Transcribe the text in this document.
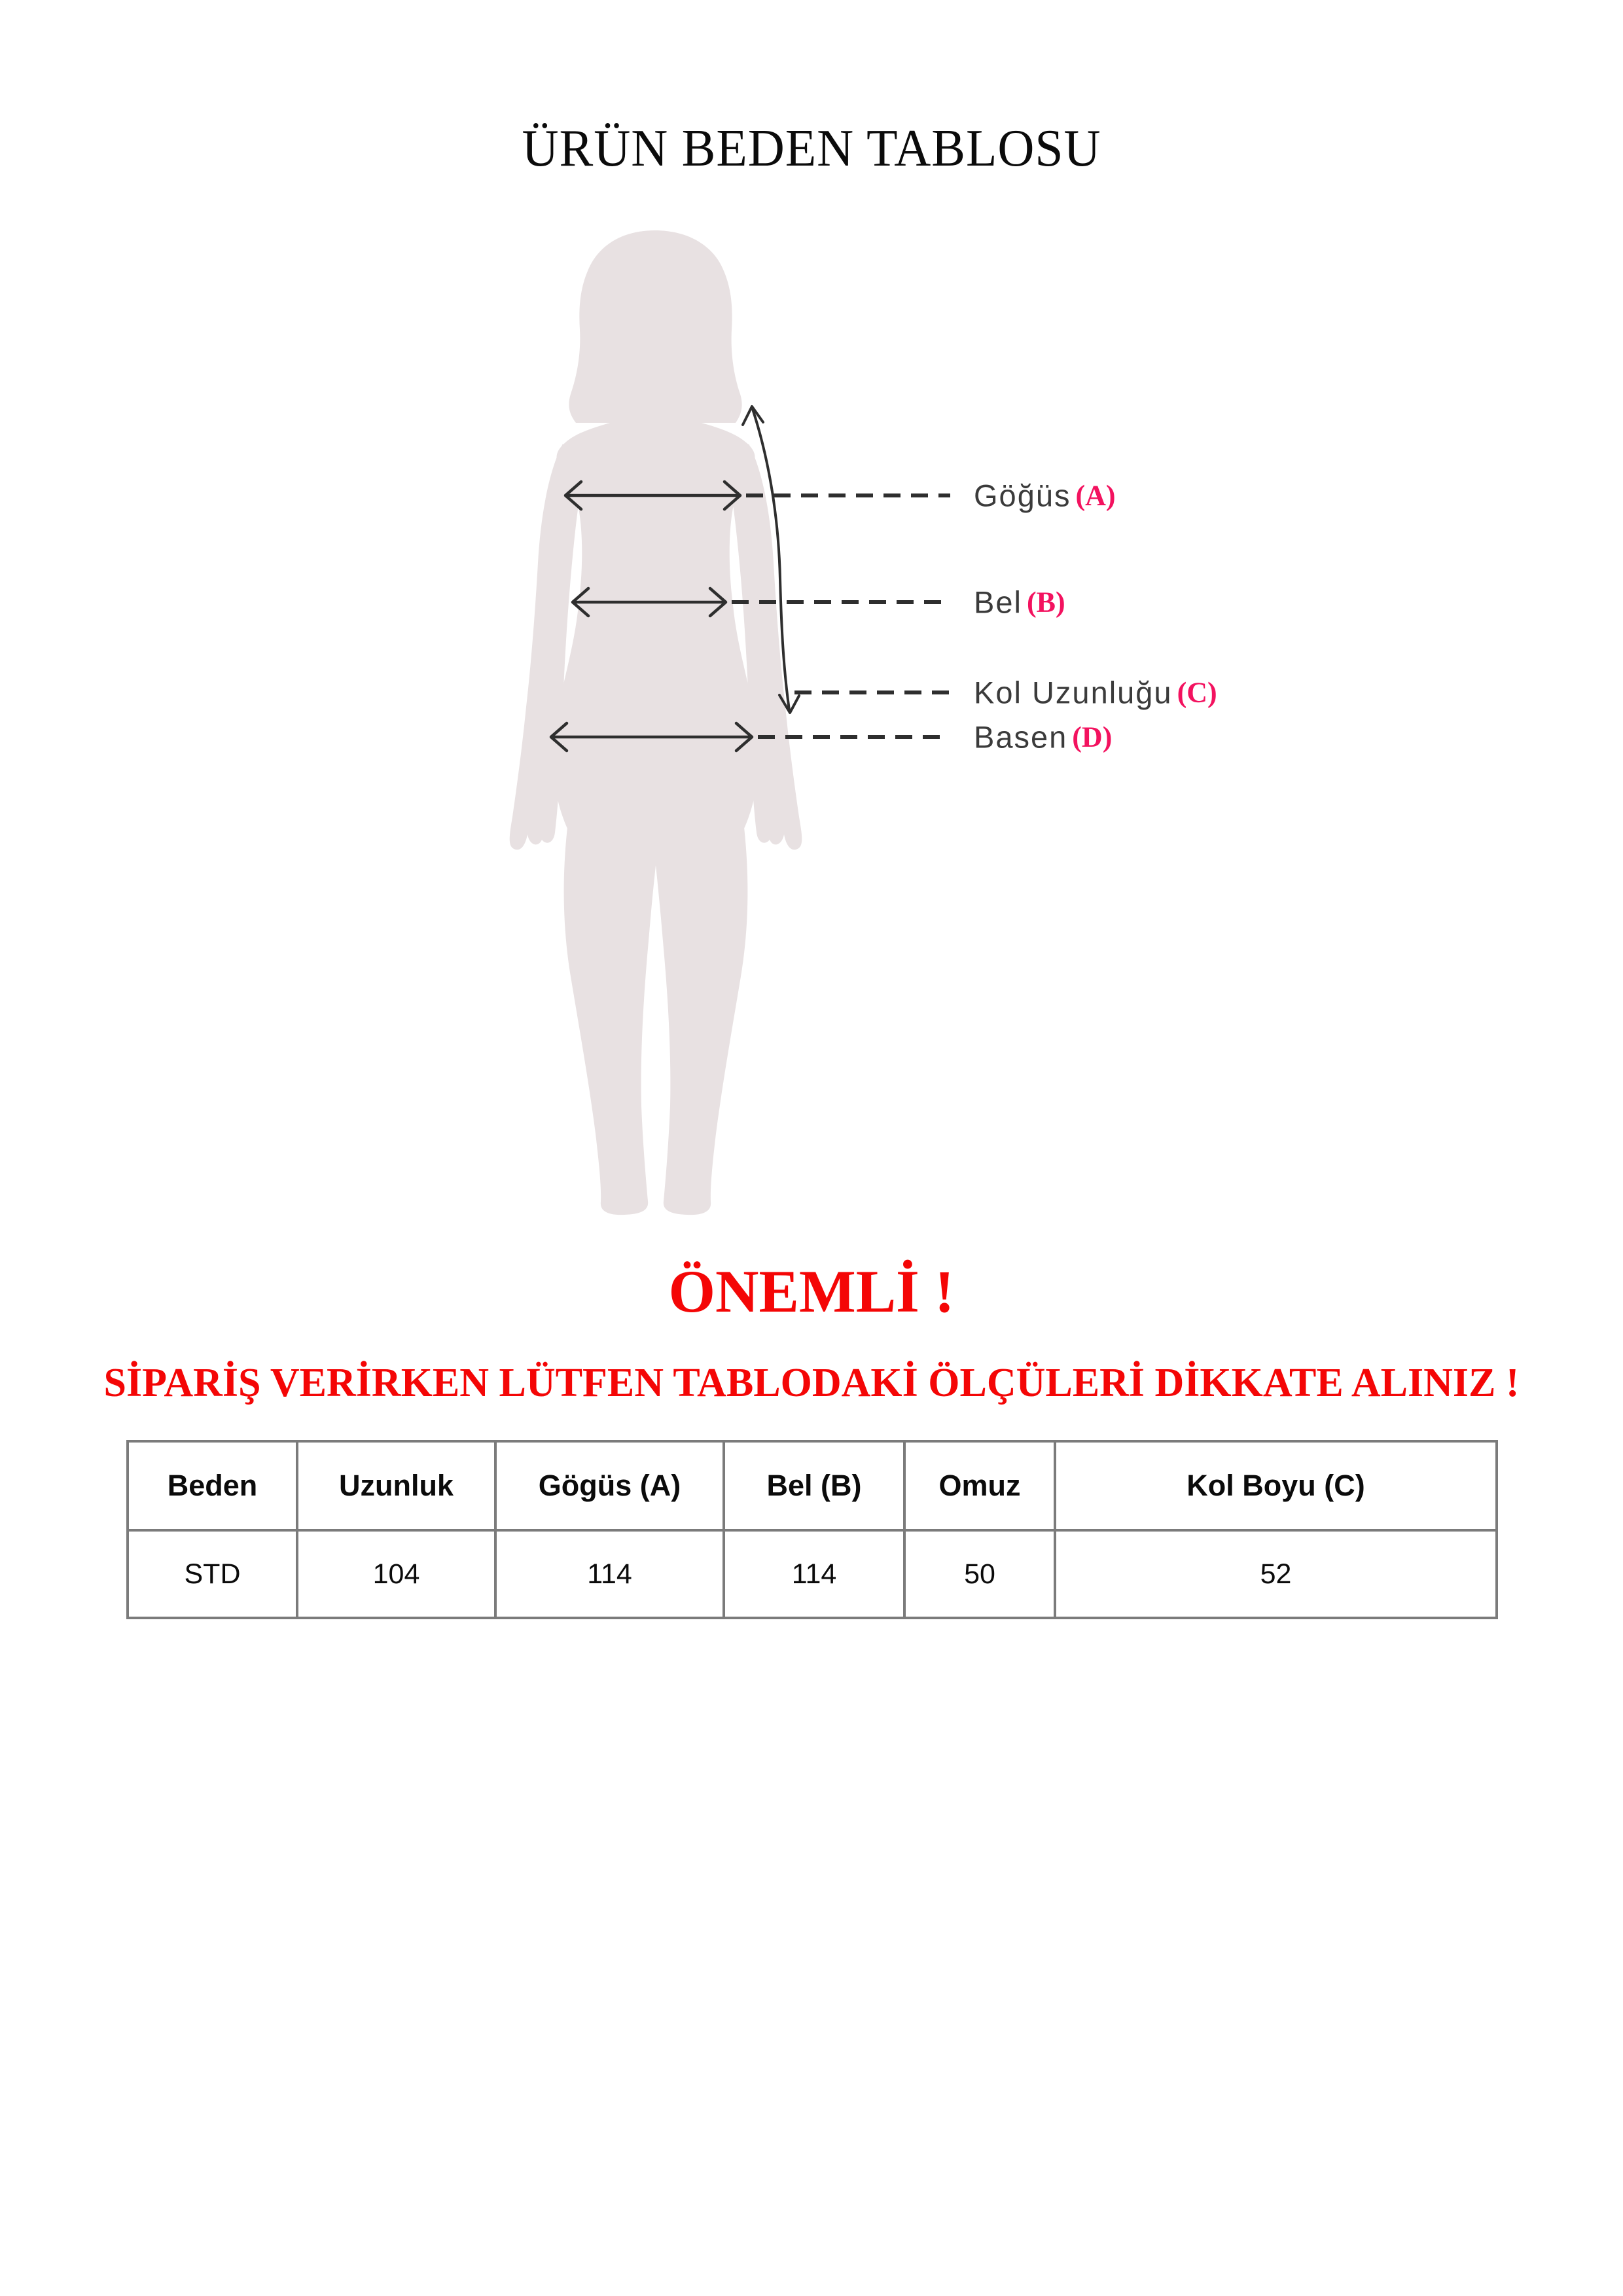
ÜRÜN BEDEN TABLOSU
Göğüs (A)
Bel (B)
Kol Uzunluğu (C)
Basen (D)
ÖNEMLİ !
SİPARİŞ VERİRKEN LÜTFEN TABLODAKİ ÖLÇÜLERİ DİKKATE ALINIZ !
Beden	Uzunluk	Gögüs (A)	Bel (B)	Omuz	Kol Boyu (C)
STD	104	114	114	50	52
